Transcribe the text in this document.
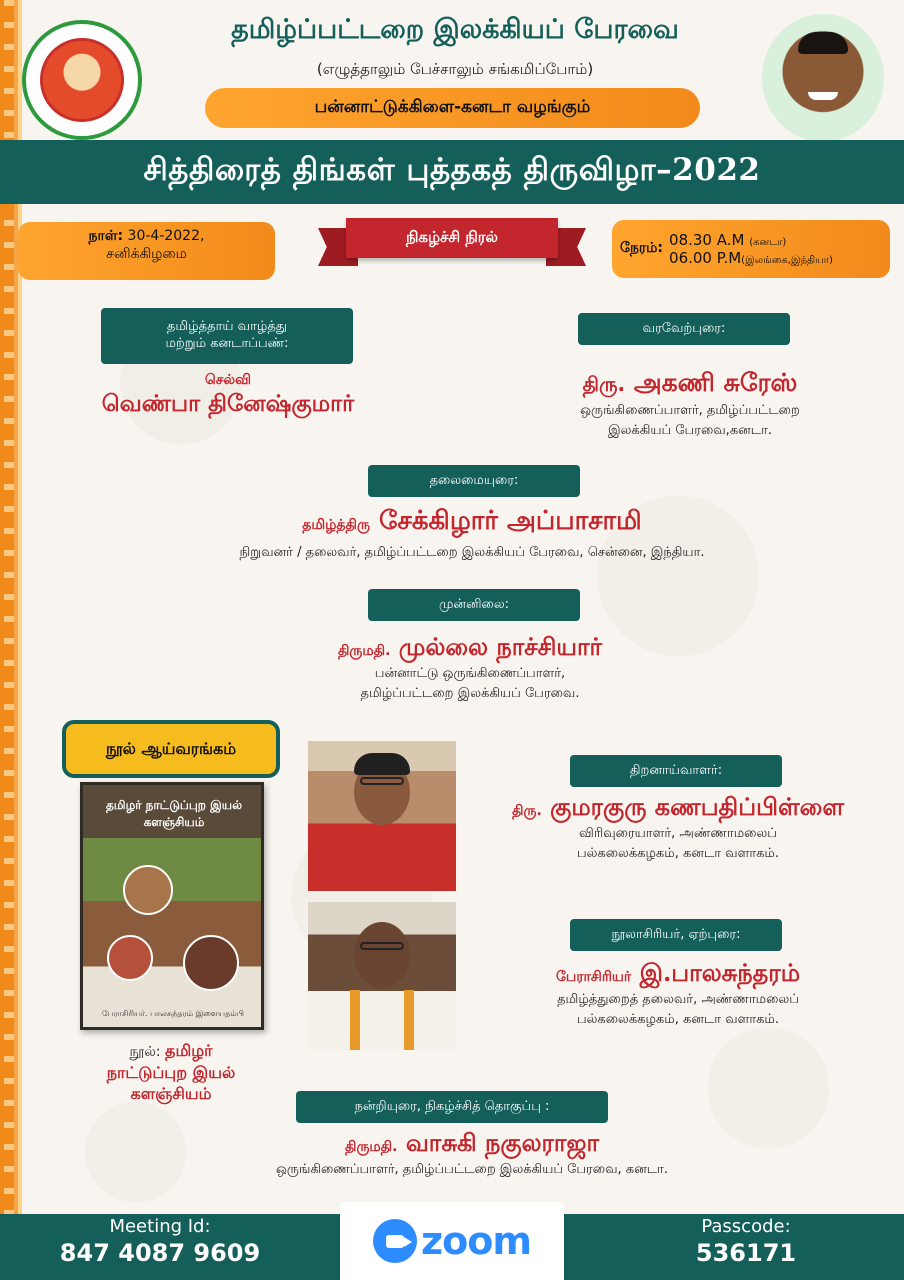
தமிழ்ப்பட்டறை இலக்கியப் பேரவை
(எழுத்தாலும் பேச்சாலும் சங்கமிப்போம்)
பன்னாட்டுக்கிளை-கனடா வழங்கும்
சித்திரைத் திங்கள் புத்தகத் திருவிழா–2022
நாள்: 30-4-2022,
சனிக்கிழமை
நிகழ்ச்சி நிரல்
நேரம்: 08.30 A.M (கனடா)
06.00 P.M(இலங்கை,இந்தியா)
தமிழ்த்தாய் வாழ்த்து
மற்றும் கனடாப்பண்:
செல்வி
வெண்பா தினேஷ்குமார்
வரவேற்புரை:
திரு. அகணி சுரேஸ்
ஒருங்கிணைப்பாளர், தமிழ்ப்பட்டறை
இலக்கியப் பேரவை,கனடா.
தலைமையுரை:
தமிழ்த்திரு சேக்கிழார் அப்பாசாமி
நிறுவனர் / தலைவர், தமிழ்ப்பட்டறை இலக்கியப் பேரவை, சென்னை, இந்தியா.
முன்னிலை:
திருமதி. முல்லை நாச்சியார்
பன்னாட்டு ஒருங்கிணைப்பாளர்,
தமிழ்ப்பட்டறை இலக்கியப் பேரவை.
நூல் ஆய்வரங்கம்
தமிழர் நாட்டுப்புற இயல்
களஞ்சியம்
பேராசிரியர். பாலசுந்தரம் இளையதம்பி
நூல்: தமிழர்
நாட்டுப்புற இயல்
களஞ்சியம்
திறனாய்வாளர்:
திரு. குமரகுரு கணபதிப்பிள்ளை
விரிவுரையாளர், அண்ணாமலைப்
பல்கலைக்கழகம், கனடா வளாகம்.
நூலாசிரியர், ஏற்புரை:
பேராசிரியர் இ.பாலசுந்தரம்
தமிழ்த்துறைத் தலைவர், அண்ணாமலைப்
பல்கலைக்கழகம், கனடா வளாகம்.
நன்றியுரை, நிகழ்ச்சித் தொகுப்பு :
திருமதி. வாசுகி நகுலராஜா
ஒருங்கிணைப்பாளர், தமிழ்ப்பட்டறை இலக்கியப் பேரவை, கனடா.
Meeting Id:
847 4087 9609	zoom	Passcode:
536171
